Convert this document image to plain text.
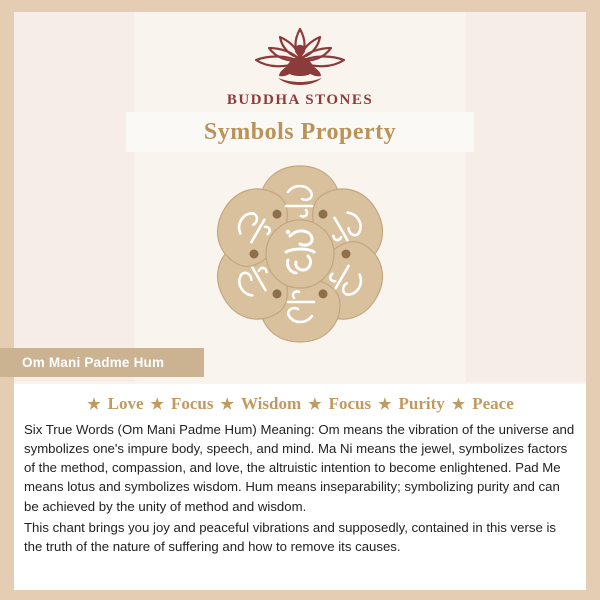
BUDDHA STONES
Symbols Property
Om Mani Padme Hum
★ Love ★ Focus ★ Wisdom ★ Focus ★ Purity ★ Peace

Six True Words (Om Mani Padme Hum) Meaning: Om means the vibration of the universe and symbolizes one's impure body, speech, and mind. Ma Ni means the jewel, symbolizes factors of the method, compassion, and love, the altruistic intention to become enlightened. Pad Me means lotus and symbolizes wisdom. Hum means inseparability; symbolizing purity and can be achieved by the unity of method and wisdom.

This chant brings you joy and peaceful vibrations and supposedly, contained in this verse is the truth of the nature of suffering and how to remove its causes.
